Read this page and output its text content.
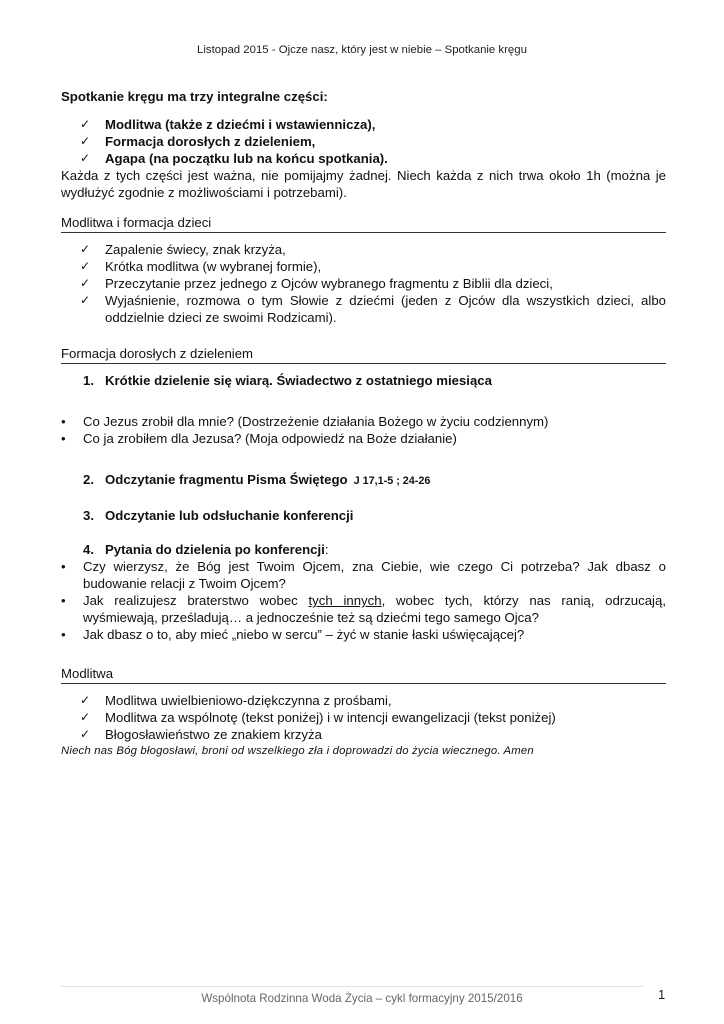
Listopad 2015 - Ojcze nasz, który jest w niebie – Spotkanie kręgu
Spotkanie kręgu ma trzy integralne części:
✓ Modlitwa (także z dziećmi i wstawiennicza),
✓ Formacja dorosłych z dzieleniem,
✓ Agapa (na początku lub na końcu spotkania).
Każda z tych części jest ważna, nie pomijajmy żadnej. Niech każda z nich trwa około 1h (można je wydłużyć zgodnie z możliwościami i potrzebami).
Modlitwa i formacja dzieci
✓ Zapalenie świecy, znak krzyża,
✓ Krótka modlitwa (w wybranej formie),
✓ Przeczytanie przez jednego z Ojców wybranego fragmentu z Biblii dla dzieci,
✓ Wyjaśnienie, rozmowa o tym Słowie z dziećmi (jeden z Ojców dla wszystkich dzieci, albo oddzielnie dzieci ze swoimi Rodzicami).
Formacja dorosłych z dzieleniem
1. Krótkie dzielenie się wiarą. Świadectwo z ostatniego miesiąca
• Co Jezus zrobił dla mnie? (Dostrzeżenie działania Bożego w życiu codziennym)
• Co ja zrobiłem dla Jezusa? (Moja odpowiedź na Boże działanie)
2. Odczytanie fragmentu Pisma Świętego J 17,1-5 ; 24-26
3. Odczytanie lub odsłuchanie konferencji
4. Pytania do dzielenia po konferencji:
• Czy wierzysz, że Bóg jest Twoim Ojcem, zna Ciebie, wie czego Ci potrzeba? Jak dbasz o budowanie relacji z Twoim Ojcem?
• Jak realizujesz braterstwo wobec tych innych, wobec tych, którzy nas ranią, odrzucają, wyśmiewają, prześladują… a jednocześnie też są dziećmi tego samego Ojca?
• Jak dbasz o to, aby mieć „niebo w sercu” – żyć w stanie łaski uświęcającej?
Modlitwa
✓ Modlitwa uwielbieniowo-dziękczynna z prośbami,
✓ Modlitwa za wspólnotę (tekst poniżej) i w intencji ewangelizacji (tekst poniżej)
✓ Błogosławieństwo ze znakiem krzyża
Niech nas Bóg błogosławi, broni od wszelkiego zła i doprowadzi do życia wiecznego. Amen
Wspólnota Rodzinna Woda Życia – cykl formacyjny 2015/2016	1
